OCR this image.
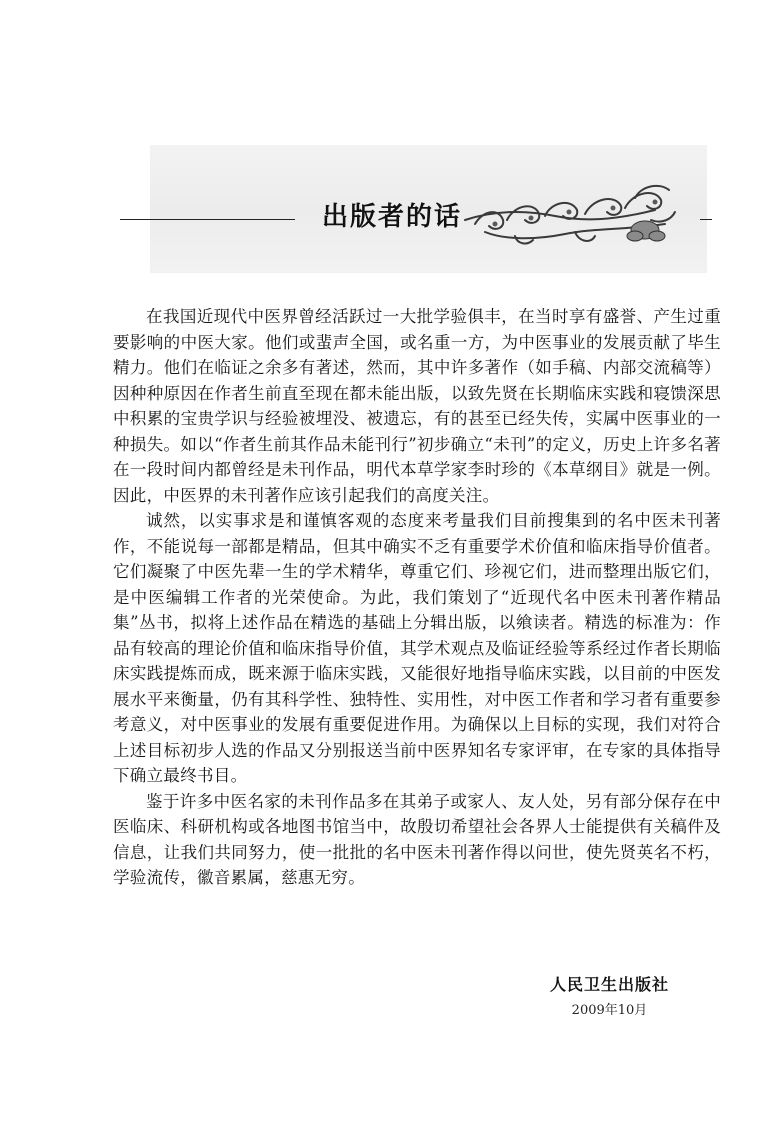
出版者的话

在我国近现代中医界曾经活跃过一大批学验俱丰，在当时享有盛誉、产生过重要影响的中医大家。他们或蜚声全国，或名重一方，为中医事业的发展贡献了毕生精力。他们在临证之余多有著述，然而，其中许多著作（如手稿、内部交流稿等）因种种原因在作者生前直至现在都未能出版，以致先贤在长期临床实践和寝馈深思中积累的宝贵学识与经验被埋没、被遗忘，有的甚至已经失传，实属中医事业的一种损失。如以“作者生前其作品未能刊行”初步确立“未刊”的定义，历史上许多名著在一段时间内都曾经是未刊作品，明代本草学家李时珍的《本草纲目》就是一例。因此，中医界的未刊著作应该引起我们的高度关注。

诚然，以实事求是和谨慎客观的态度来考量我们目前搜集到的名中医未刊著作，不能说每一部都是精品，但其中确实不乏有重要学术价值和临床指导价值者。它们凝聚了中医先辈一生的学术精华，尊重它们、珍视它们，进而整理出版它们，是中医编辑工作者的光荣使命。为此，我们策划了“近现代名中医未刊著作精品集”丛书，拟将上述作品在精选的基础上分辑出版，以飨读者。精选的标准为：作品有较高的理论价值和临床指导价值，其学术观点及临证经验等系经过作者长期临床实践提炼而成，既来源于临床实践，又能很好地指导临床实践，以目前的中医发展水平来衡量，仍有其科学性、独特性、实用性，对中医工作者和学习者有重要参考意义，对中医事业的发展有重要促进作用。为确保以上目标的实现，我们对符合上述目标初步人选的作品又分别报送当前中医界知名专家评审，在专家的具体指导下确立最终书目。

鉴于许多中医名家的未刊作品多在其弟子或家人、友人处，另有部分保存在中医临床、科研机构或各地图书馆当中，故殷切希望社会各界人士能提供有关稿件及信息，让我们共同努力，使一批批的名中医未刊著作得以问世，使先贤英名不朽，学验流传，徽音累属，慈惠无穷。

人民卫生出版社
2009年10月
